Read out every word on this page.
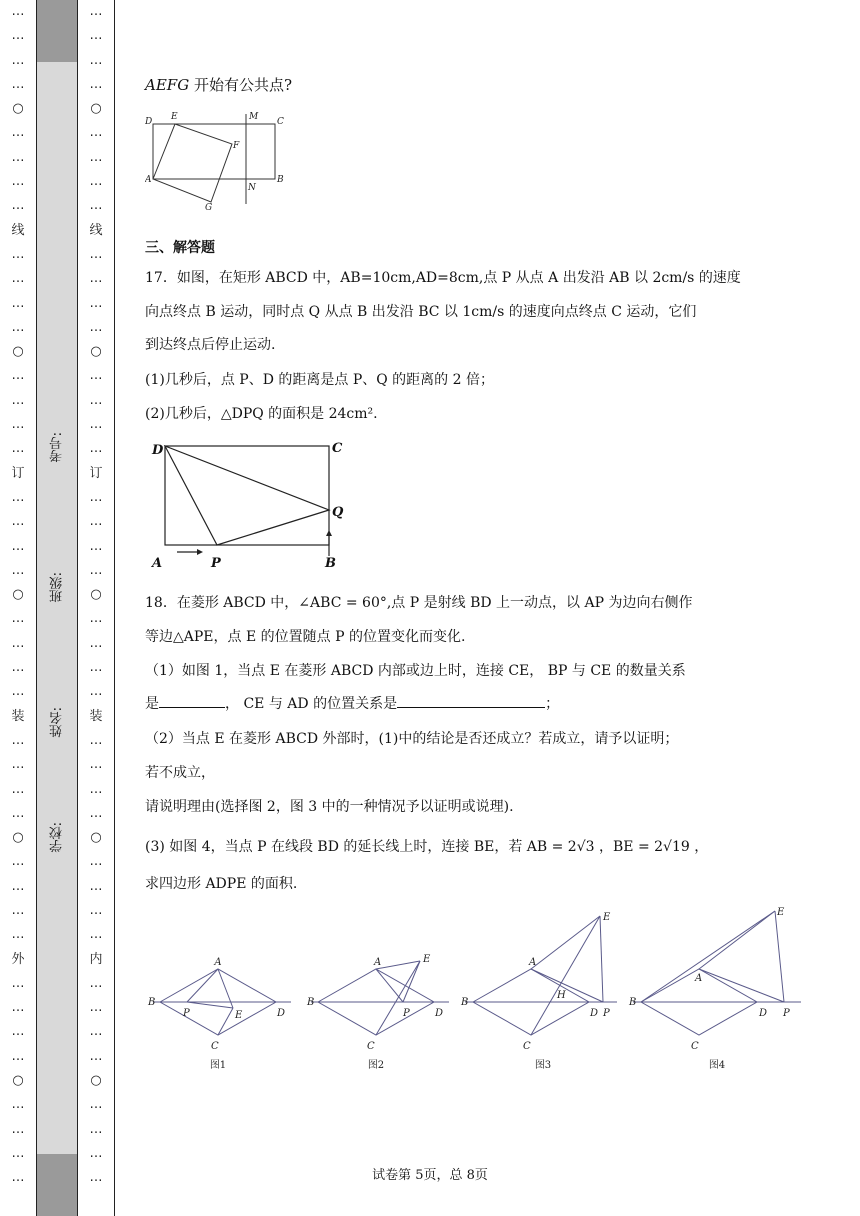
…
…
…
…
○
…
…
…
…
线
…
…
…
…
○
…
…
…
…
订
…
…
…
…
○
…
…
…
…
装
…
…
…
…
○
…
…
…
…
外
…
…
…
…
○
…
…
…
…
考号:
班级:
姓名:
学校:
…
…
…
…
○
…
…
…
…
线
…
…
…
…
○
…
…
…
…
订
…
…
…
…
○
…
…
…
…
装
…
…
…
…
○
…
…
…
…
内
…
…
…
…
○
…
…
…
…
AEFG 开始有公共点?
D E	M C
F
A
N
B
G
三、解答题
17．如图，在矩形 ABCD 中，AB=10cm,AD=8cm,点 P 从点 A 出发沿 AB 以 2cm/s 的速度
向点终点 B 运动，同时点 Q 从点 B 出发沿 BC 以 1cm/s 的速度向点终点 C 运动，它们
到达终点后停止运动.
(1)几秒后，点 P、D 的距离是点 P、Q 的距离的 2 倍；
(2)几秒后，△DPQ 的面积是 24cm².
D	C
Q
A	P	B
18．在菱形 ABCD 中，∠ABC = 60°,点 P 是射线 BD 上一动点，以 AP 为边向右侧作
等边△APE，点 E 的位置随点 P 的位置变化而变化.
（1）如图 1，当点 E 在菱形 ABCD 内部或边上时，连接 CE， BP 与 CE 的数量关系
是	， CE 与 AD 的位置关系是	；
（2）当点 E 在菱形 ABCD 外部时，(1)中的结论是否还成立？若成立，请予以证明；
若不成立，
请说明理由(选择图 2，图 3 中的一种情况予以证明或说理).
(3) 如图 4，当点 P 在线段 BD 的延长线上时，连接 BE，若 AB = 2√3 ，BE = 2√19 ，
求四边形 ADPE 的面积.
A
B
P	E	D
C
A	E
B
P	D
C
A
E
B
H
D P
C
A
E
B
D P
C
图1	图2	图3	图4
试卷第 5页，总 8页
